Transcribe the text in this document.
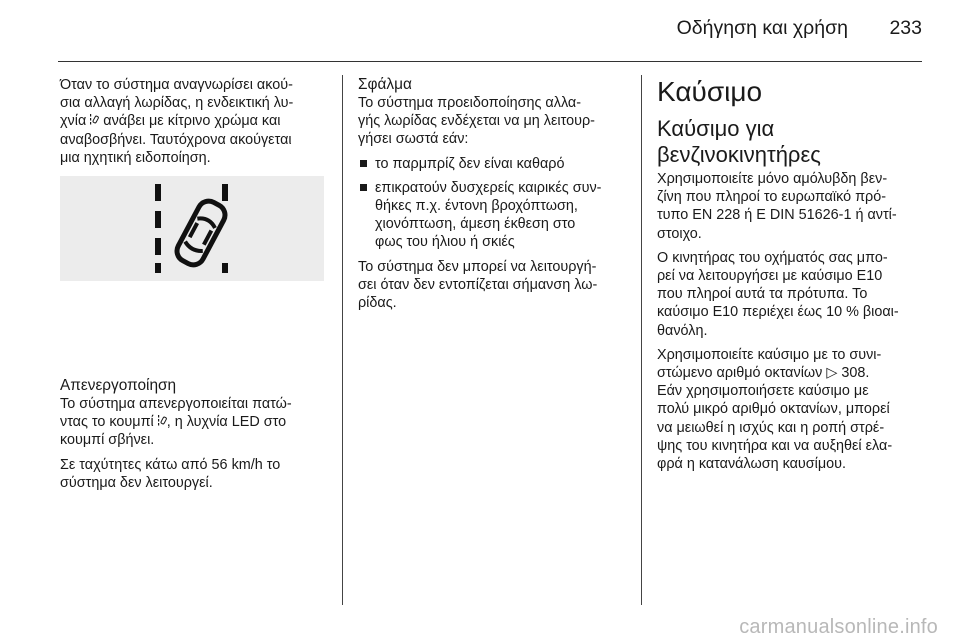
Οδήγηση και χρήση 233

Όταν το σύστημα αναγνωρίσει ακού-

σια αλλαγή λωρίδας, η ενδεικτική λυ-

χνία  ανάβει με κίτρινο χρώμα και

αναβοσβήνει. Ταυτόχρονα ακούγεται

μια ηχητική ειδοποίηση.

Απενεργοποίηση

Το σύστημα απενεργοποιείται πατώ-

ντας το κουμπί , η λυχνία LED στο

κουμπί σβήνει.

Σε ταχύτητες κάτω από 56 km/h το

σύστημα δεν λειτουργεί.

Σφάλμα

Το σύστημα προειδοποίησης αλλα-

γής λωρίδας ενδέχεται να μη λειτουρ-

γήσει σωστά εάν:

το παρμπρίζ δεν είναι καθαρό
επικρατούν δυσχερείς καιρικές συν-
θήκες π.χ. έντονη βροχόπτωση,
χιονόπτωση, άμεση έκθεση στο
φως του ήλιου ή σκιές

Το σύστημα δεν μπορεί να λειτουργή-

σει όταν δεν εντοπίζεται σήμανση λω-

ρίδας.

Καύσιμο
Καύσιμο για
βενζινοκινητήρες

Χρησιμοποιείτε μόνο αμόλυβδη βεν-

ζίνη που πληροί το ευρωπαϊκό πρό-

τυπο EN 228 ή E DIN 51626-1 ή αντί-

στοιχο.

Ο κινητήρας του οχήματός σας μπο-

ρεί να λειτουργήσει με καύσιμο E10

που πληροί αυτά τα πρότυπα. Το

καύσιμο E10 περιέχει έως 10 % βιοαι-

θανόλη.

Χρησιμοποιείτε καύσιμο με το συνι-

στώμενο αριθμό οκτανίων ▷ 308.

Εάν χρησιμοποιήσετε καύσιμο με

πολύ μικρό αριθμό οκτανίων, μπορεί

να μειωθεί η ισχύς και η ροπή στρέ-

ψης του κινητήρα και να αυξηθεί ελα-

φρά η κατανάλωση καυσίμου.

carmanualsonline.info
